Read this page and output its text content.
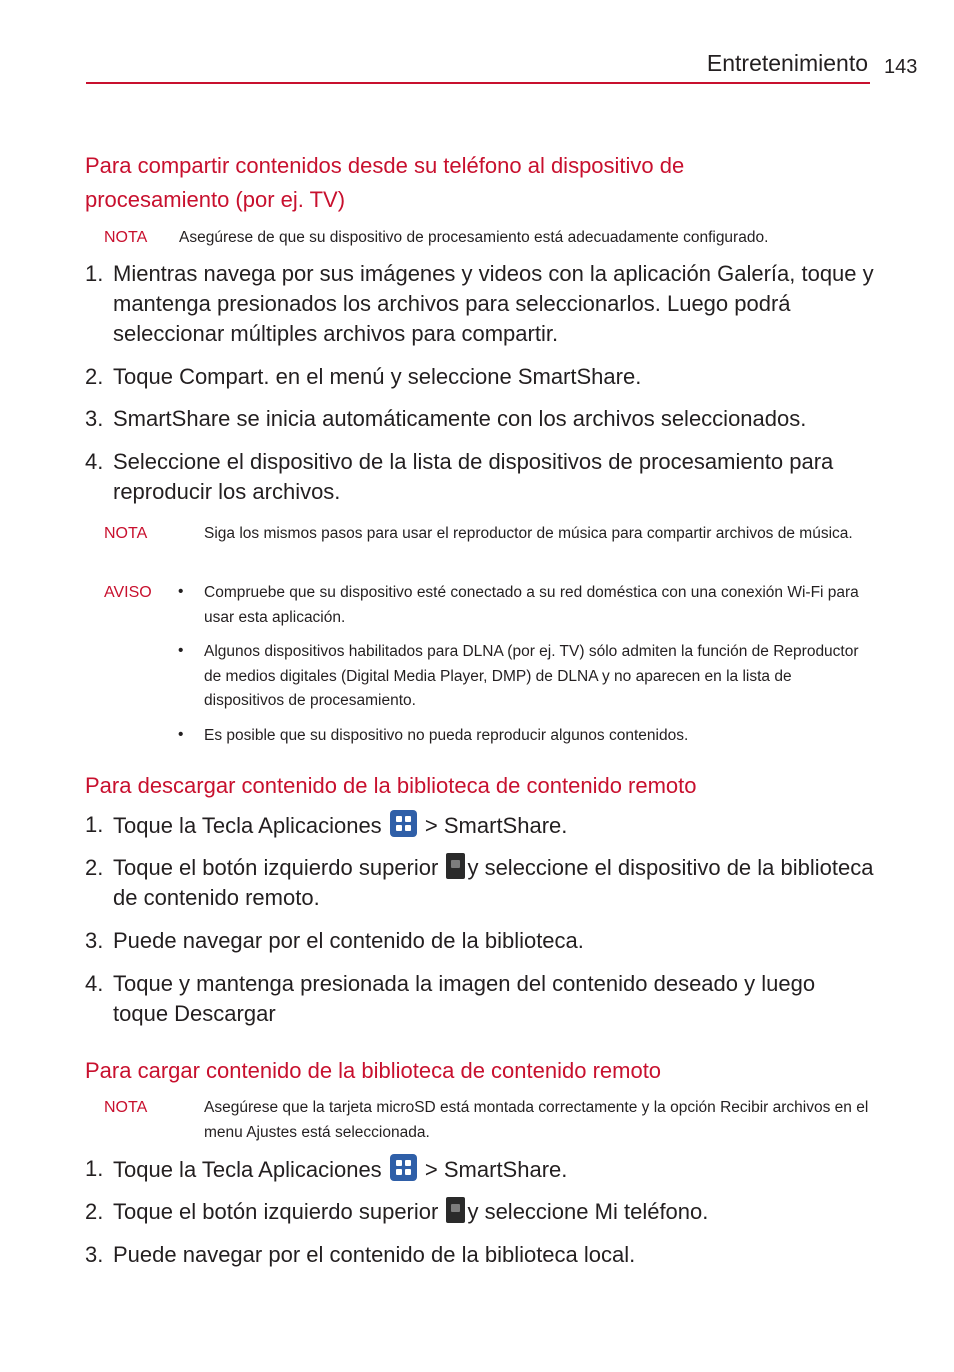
Entretenimiento 143
Para compartir contenidos desde su teléfono al dispositivo de
procesamiento (por ej. TV)
NOTA Asegúrese de que su dispositivo de procesamiento está adecuadamente configurado.
1. Mientras navega por sus imágenes y videos con la aplicación Galería, toque y mantenga presionados los archivos para seleccionarlos. Luego podrá seleccionar múltiples archivos para compartir.
2. Toque Compart. en el menú y seleccione SmartShare.
3. SmartShare se inicia automáticamente con los archivos seleccionados.
4. Seleccione el dispositivo de la lista de dispositivos de procesamiento para reproducir los archivos.
NOTA	Siga los mismos pasos para usar el reproductor de música para compartir archivos de música.
AVISO • Compruebe que su dispositivo esté conectado a su red doméstica con una conexión Wi-Fi para usar esta aplicación.
• Algunos dispositivos habilitados para DLNA (por ej. TV) sólo admiten la función de Reproductor de medios digitales (Digital Media Player, DMP) de DLNA y no aparecen en la lista de dispositivos de procesamiento.
• Es posible que su dispositivo no pueda reproducir algunos contenidos.
Para descargar contenido de la biblioteca de contenido remoto
1. Toque la Tecla Aplicaciones
> SmartShare.
2. Toque el botón izquierdo superior
y seleccione el dispositivo de la biblioteca de contenido remoto.
3. Puede navegar por el contenido de la biblioteca.
4. Toque y mantenga presionada la imagen del contenido deseado y luego toque Descargar
Para cargar contenido de la biblioteca de contenido remoto
NOTA	Asegúrese que la tarjeta microSD está montada correctamente y la opción Recibir archivos en el menu Ajustes está seleccionada.
1. Toque la Tecla Aplicaciones
> SmartShare.
2. Toque el botón izquierdo superior
y seleccione Mi teléfono.
3. Puede navegar por el contenido de la biblioteca local.
